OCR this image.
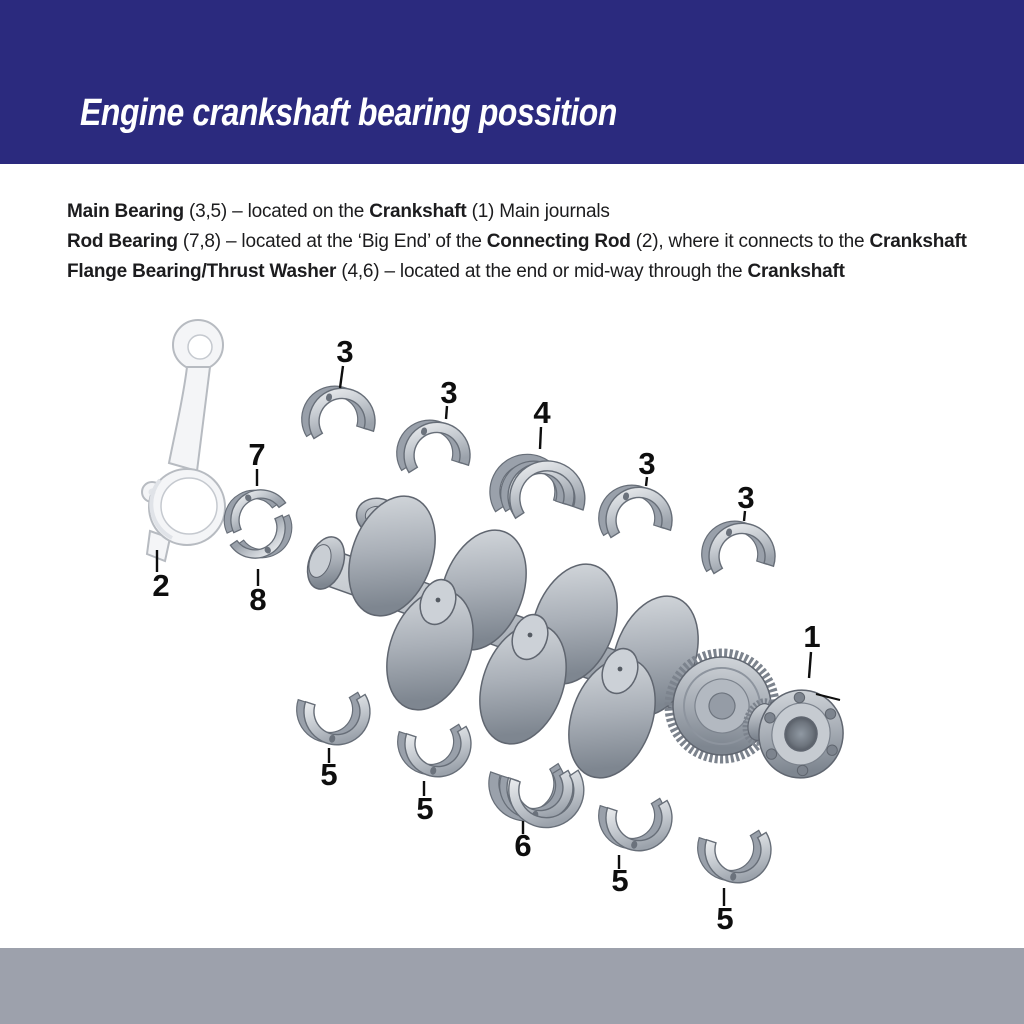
Engine crankshaft bearing possition
Main Bearing (3,5) – located on the Crankshaft (1) Main journals
Rod Bearing (7,8) – located at the ‘Big End’ of the Connecting Rod (2), where it connects to the Crankshaft
Flange Bearing/Thrust Washer (4,6) – located at the end or mid-way through the Crankshaft
3
3
4
3
3
1
7
2	8
5
5
6
5
5
